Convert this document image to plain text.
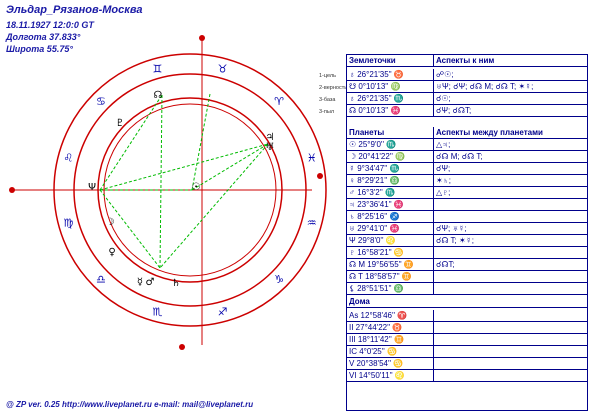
Эльдар_Рязанов-Москва
18.11.1927 12:0:0 GT
Долгота 37.833°
Широта 55.75°
♉
♈
♓
♒
♑
♐
♏
♎
♍
♌
♋
♊
♇
☊
♅
♃
☉
☽
♀
☿ ♂ ♄
Ψ
1-цель
2-верность
3-база
3-пыл
Землеточки	Аспекты к ним
♁ 26°21'35'' ♉	☍☉;
☋ 0°10'13'' ♍	♅Ψ; ☌Ψ; ☌☊ M; ☌☊ T; ✶☿;
♁ 26°21'35'' ♏	☌☉;
☊ 0°10'13'' ♓	☌Ψ; ☌☊T;
Планеты	Аспекты между планетами
☉ 25°9'0'' ♏	△♃;
☽ 20°41'22'' ♍	☌☊ M; ☌☊ T;
☿ 9°34'47'' ♏	☌Ψ;
♀ 8°29'21'' ♎	✶♄;
♂ 16°3'2'' ♏	△♇;
♃ 23°36'41'' ♓
♄ 8°25'16'' ♐
♅ 29°41'0'' ♓	☌Ψ; ♅☿;
Ψ 29°8'0'' ♌	☌☊ T; ✶☿;
♇ 16°58'21'' ♋
☊ M 19°56'55'' ♊	☌☊T;
☊ T 18°58'57'' ♊
⚸ 28°51'51'' ♎
Дома
As 12°58'46'' ♈
II 27°44'22'' ♉
III 18°11'42'' ♊
IC 4°0'25'' ♋
V 20°38'54'' ♋
VI 14°50'11'' ♌
@ ZP ver. 0.25 http://www.liveplanet.ru e-mail: mail@liveplanet.ru
